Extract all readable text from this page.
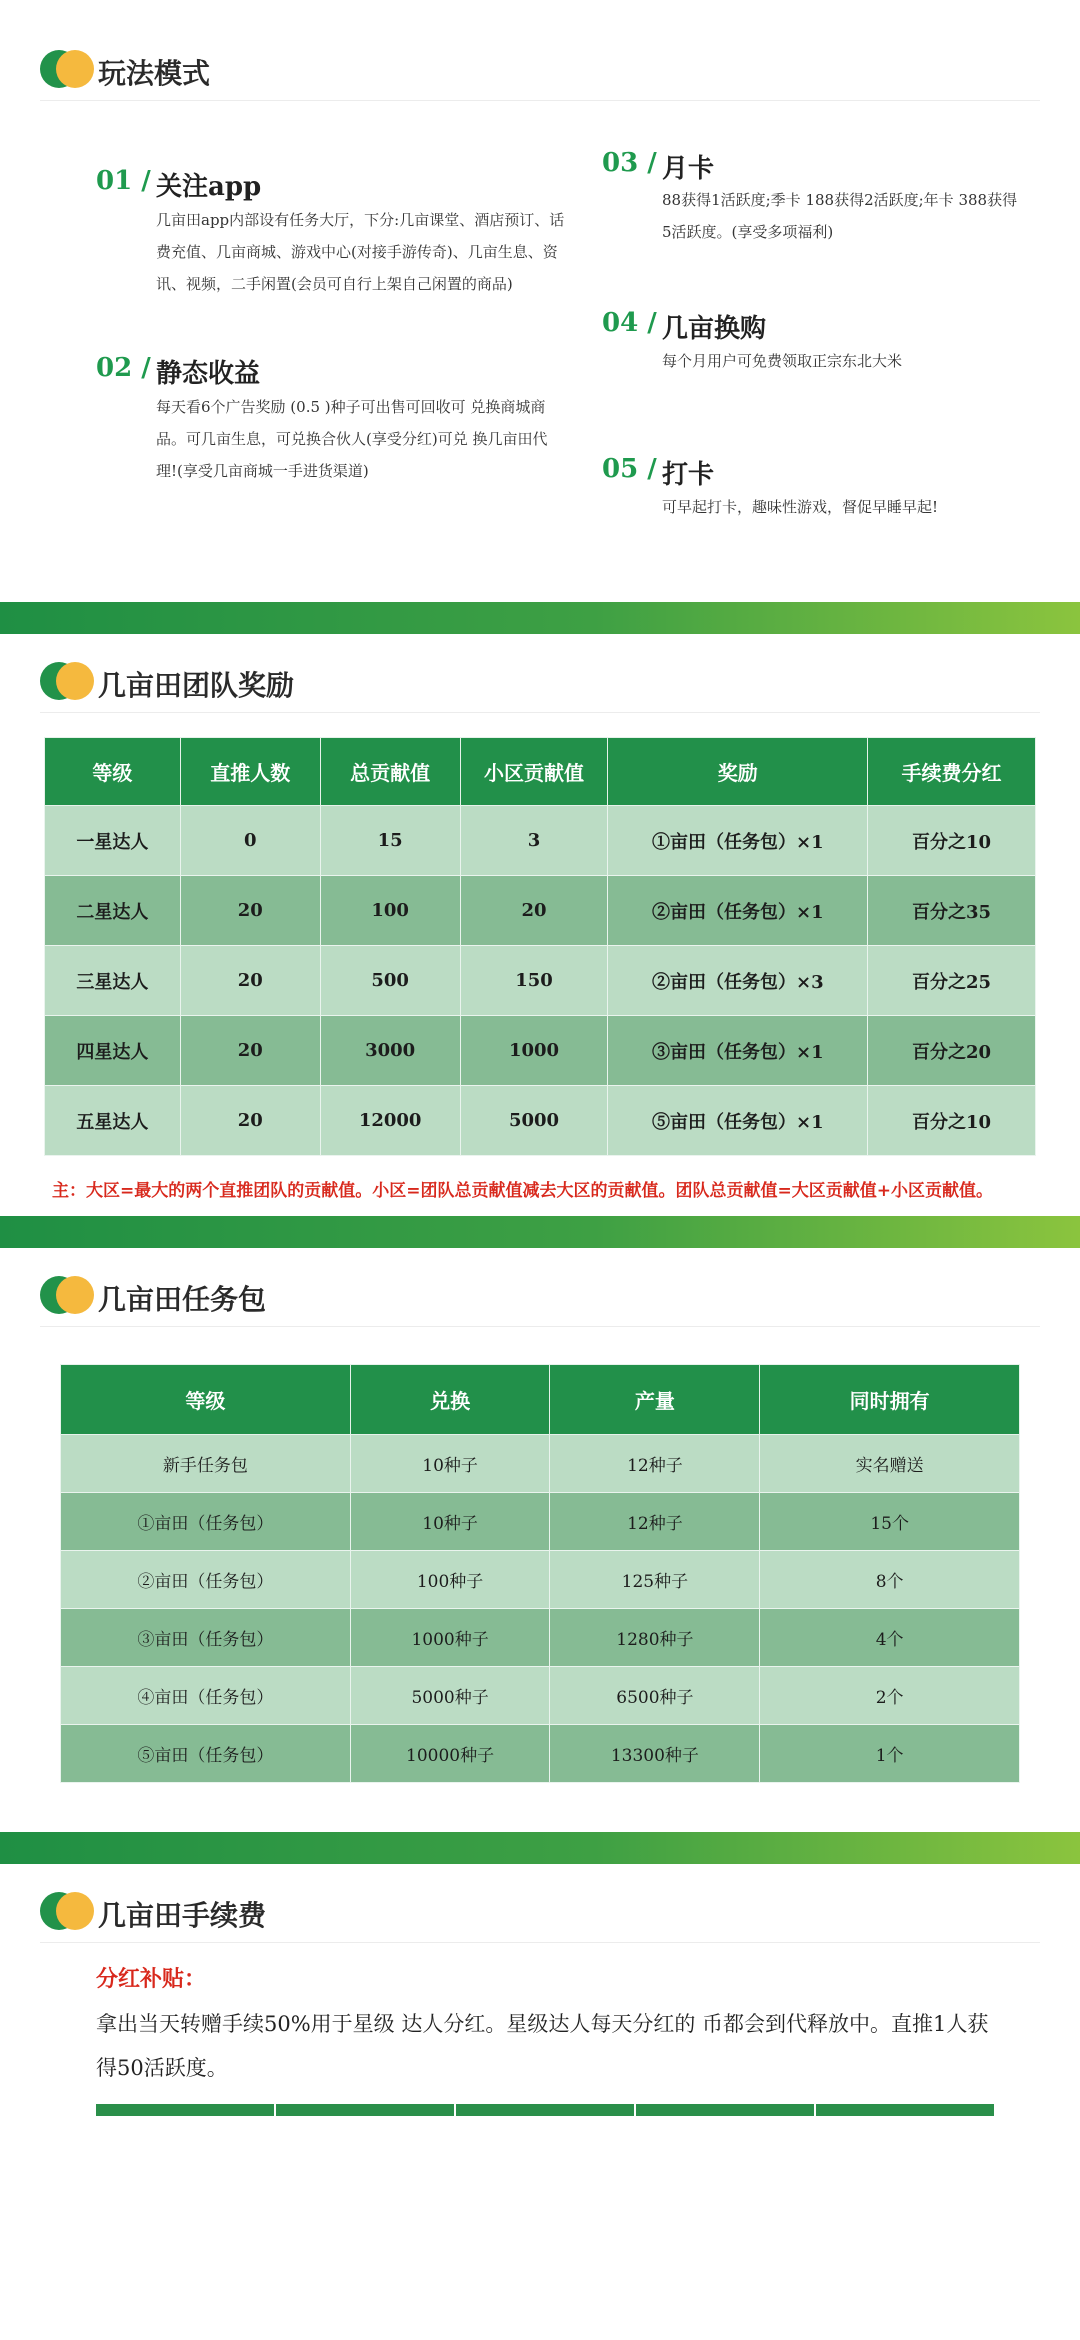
玩法模式
01 / 关注app
几亩田app内部设有任务大厅，下分:几亩课堂、酒店预订、话费充值、几亩商城、游戏中心(对接手游传奇)、几亩生息、资讯、视频，二手闲置(会员可自行上架自己闲置的商品)
02 / 静态收益
每天看6个广告奖励 (0.5 )种子可出售可回收可 兑换商城商品。可几亩生息，可兑换合伙人(享受分红)可兑 换几亩田代理!(享受几亩商城一手进货渠道)
03 / 月卡
88获得1活跃度;季卡 188获得2活跃度;年卡 388获得5活跃度。(享受多项福利)
04 / 几亩换购
每个月用户可免费领取正宗东北大米
05 / 打卡
可早起打卡，趣味性游戏，督促早睡早起!
几亩田团队奖励
等级	直推人数	总贡献值	小区贡献值	奖励	手续费分红
一星达人	0	15	3	①亩田（任务包）×1	百分之10
二星达人	20	100	20	②亩田（任务包）×1	百分之35
三星达人	20	500	150	②亩田（任务包）×3	百分之25
四星达人	20	3000	1000	③亩田（任务包）×1	百分之20
五星达人	20	12000	5000	⑤亩田（任务包）×1	百分之10
主：大区=最大的两个直推团队的贡献值。小区=团队总贡献值减去大区的贡献值。团队总贡献值=大区贡献值+小区贡献值。
几亩田任务包
等级	兑换	产量	同时拥有
新手任务包	10种子	12种子	实名赠送
①亩田（任务包）	10种子	12种子	15个
②亩田（任务包）	100种子	125种子	8个
③亩田（任务包）	1000种子	1280种子	4个
④亩田（任务包）	5000种子	6500种子	2个
⑤亩田（任务包）	10000种子	13300种子	1个
几亩田手续费
分红补贴：
拿出当天转赠手续50%用于星级 达人分红。星级达人每天分红的 币都会到代释放中。直推1人获得50活跃度。
